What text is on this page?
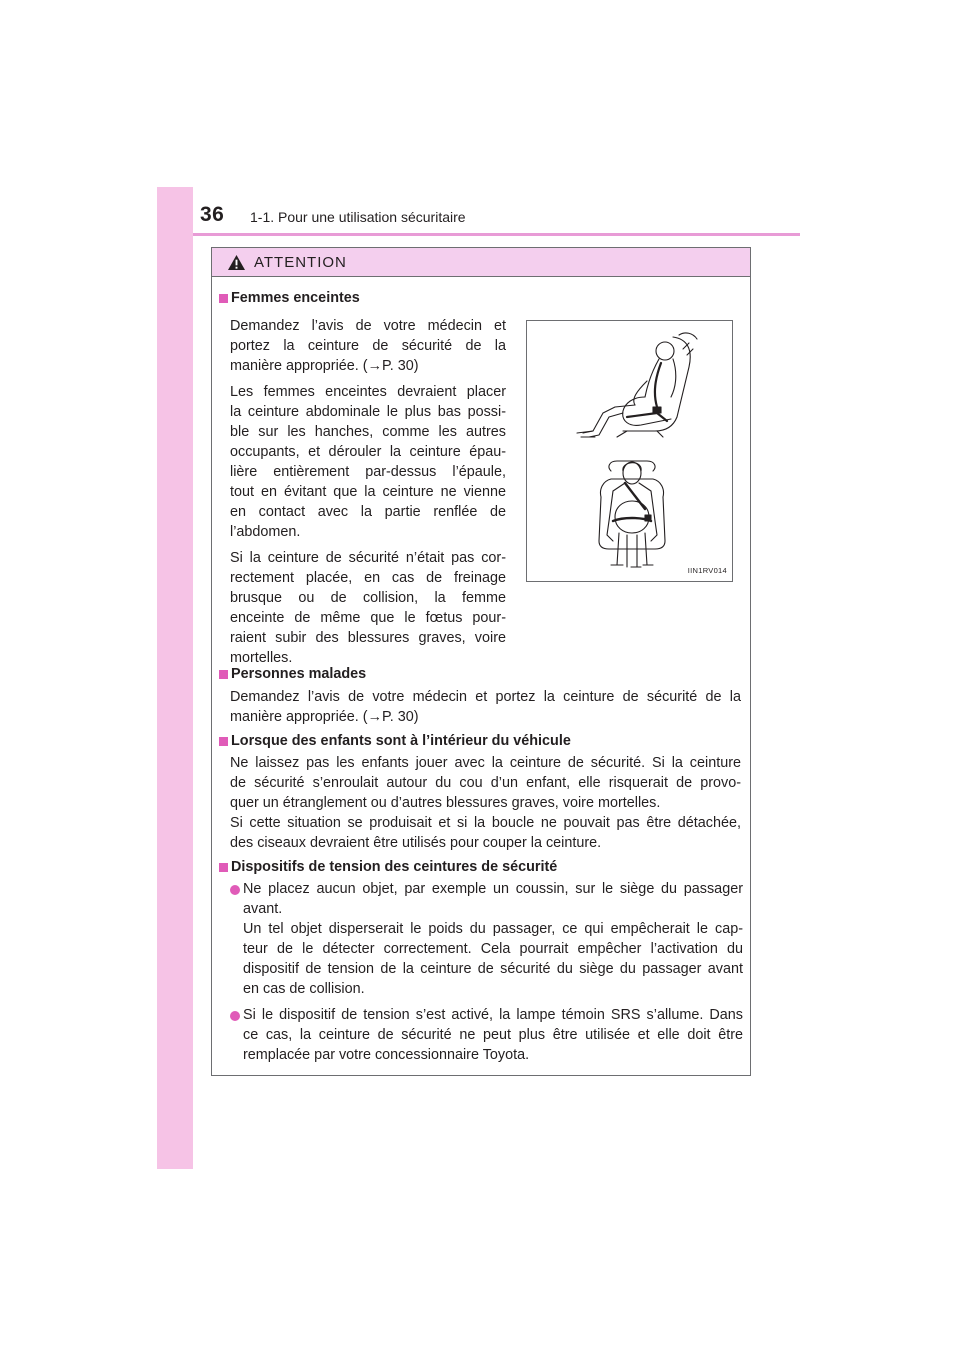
36 1-1. Pour une utilisation sécuritaire
ATTENTION
Femmes enceintes
Demandez l’avis de votre médecin et
portez la ceinture de sécurité de la
manière appropriée. (→P. 30)
Les femmes enceintes devraient placer
la ceinture abdominale le plus bas possi-
ble sur les hanches, comme les autres
occupants, et dérouler la ceinture épau-
lière entièrement par-dessus l’épaule,
tout en évitant que la ceinture ne vienne
en contact avec la partie renflée de
l’abdomen.
Si la ceinture de sécurité n’était pas cor-
rectement placée, en cas de freinage
brusque ou de collision, la femme
enceinte de même que le fœtus pour-
raient subir des blessures graves, voire
mortelles.
Personnes malades
Demandez l’avis de votre médecin et portez la ceinture de sécurité de la
manière appropriée. (→P. 30)
Lorsque des enfants sont à l’intérieur du véhicule
Ne laissez pas les enfants jouer avec la ceinture de sécurité. Si la ceinture
de sécurité s’enroulait autour du cou d’un enfant, elle risquerait de provo-
quer un étranglement ou d’autres blessures graves, voire mortelles.
Si cette situation se produisait et si la boucle ne pouvait pas être détachée,
des ciseaux devraient être utilisés pour couper la ceinture.
Dispositifs de tension des ceintures de sécurité
Ne placez aucun objet, par exemple un coussin, sur le siège du passager
avant.
Un tel objet disperserait le poids du passager, ce qui empêcherait le cap-
teur de le détecter correctement. Cela pourrait empêcher l’activation du
dispositif de tension de la ceinture de sécurité du siège du passager avant
en cas de collision.
Si le dispositif de tension s’est activé, la lampe témoin SRS s’allume. Dans
ce cas, la ceinture de sécurité ne peut plus être utilisée et elle doit être
remplacée par votre concessionnaire Toyota.
IIN1RV014
